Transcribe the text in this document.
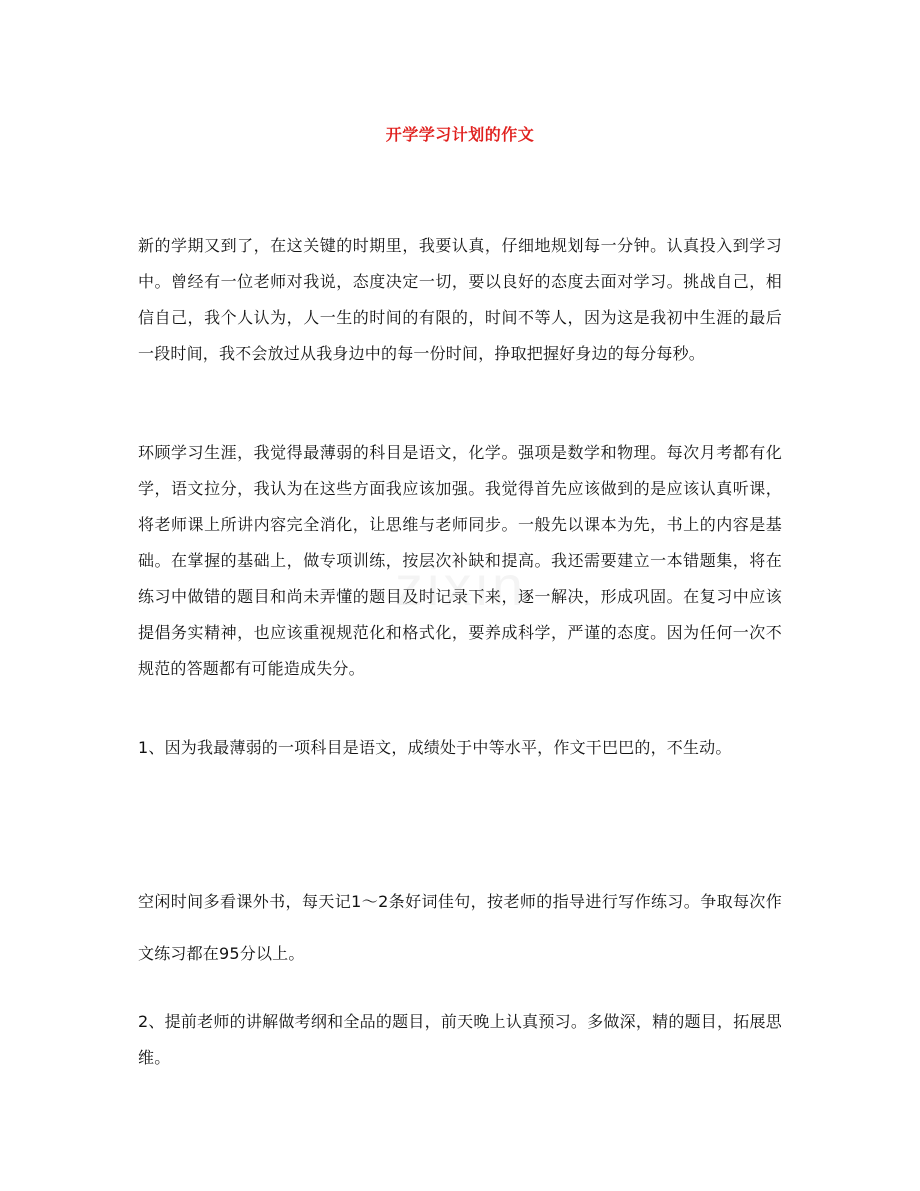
开学学习计划的作文

新的学期又到了，在这关键的时期里，我要认真，仔细地规划每一分钟。认真投入到学习中。曾经有一位老师对我说，态度决定一切，要以良好的态度去面对学习。挑战自己，相信自己，我个人认为，人一生的时间的有限的，时间不等人，因为这是我初中生涯的最后一段时间，我不会放过从我身边中的每一份时间，挣取把握好身边的每分每秒。

环顾学习生涯，我觉得最薄弱的科目是语文，化学。强项是数学和物理。每次月考都有化学，语文拉分，我认为在这些方面我应该加强。我觉得首先应该做到的是应该认真听课，将老师课上所讲内容完全消化，让思维与老师同步。一般先以课本为先，书上的内容是基础。在掌握的基础上，做专项训练，按层次补缺和提高。我还需要建立一本错题集，将在练习中做错的题目和尚未弄懂的题目及时记录下来，逐一解决，形成巩固。在复习中应该提倡务实精神，也应该重视规范化和格式化，要养成科学，严谨的态度。因为任何一次不规范的答题都有可能造成失分。

1、因为我最薄弱的一项科目是语文，成绩处于中等水平，作文干巴巴的，不生动。

空闲时间多看课外书，每天记1～2条好词佳句，按老师的指导进行写作练习。争取每次作文练习都在95分以上。

2、提前老师的讲解做考纲和全品的题目，前天晚上认真预习。多做深，精的题目，拓展思维。
